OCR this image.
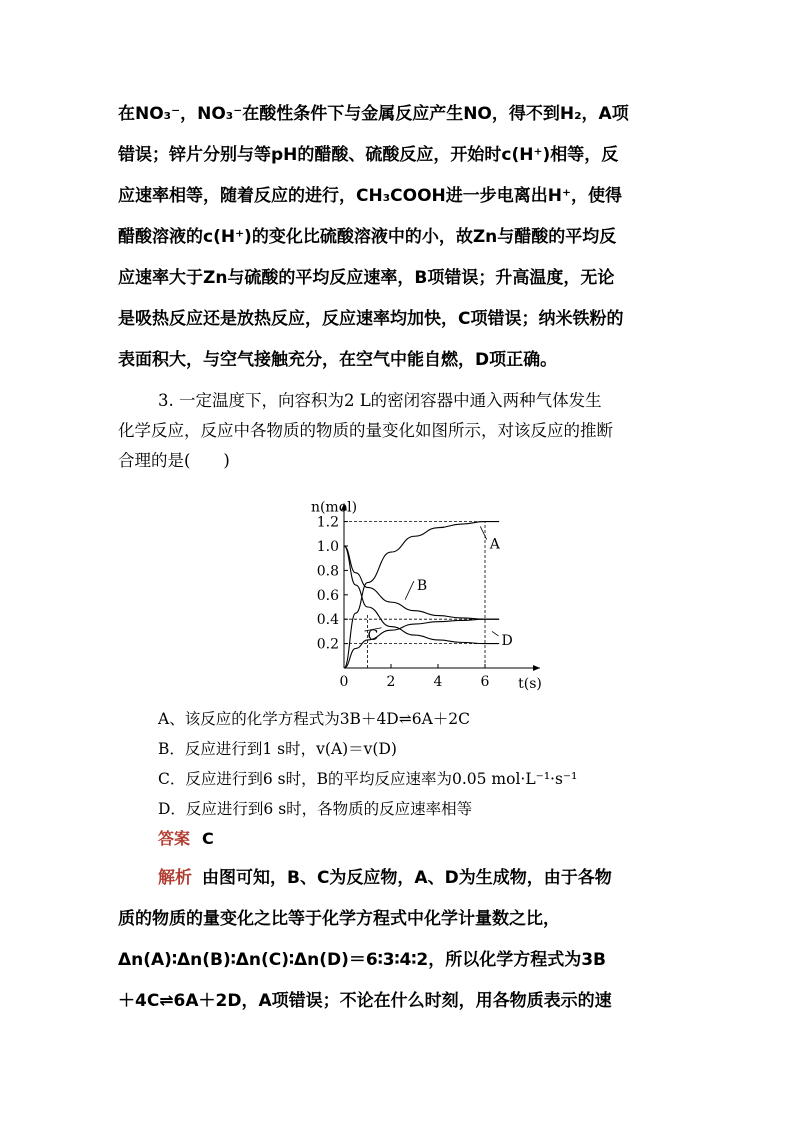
在NO₃⁻，NO₃⁻在酸性条件下与金属反应产生NO，得不到H₂，A项
错误；锌片分别与等pH的醋酸、硫酸反应，开始时c(H⁺)相等，反
应速率相等，随着反应的进行，CH₃COOH进一步电离出H⁺，使得
醋酸溶液的c(H⁺)的变化比硫酸溶液中的小，故Zn与醋酸的平均反
应速率大于Zn与硫酸的平均反应速率，B项错误；升高温度，无论
是吸热反应还是放热反应，反应速率均加快，C项错误；纳米铁粉的
表面积大，与空气接触充分，在空气中能自燃，D项正确。
3. 一定温度下，向容积为2 L的密闭容器中通入两种气体发生
化学反应，反应中各物质的物质的量变化如图所示，对该反应的推断
合理的是(　　)
0	2	4	6
0.2
0.4
0.6
0.8
1.0
1.2
n(mol)
t(s)
A
B
C	D
A、该反应的化学方程式为3B＋4D⇌6A＋2C
B．反应进行到1 s时，v(A)＝v(D)
C．反应进行到6 s时，B的平均反应速率为0.05 mol·L⁻¹·s⁻¹
D．反应进行到6 s时，各物质的反应速率相等
答案 C
解析 由图可知，B、C为反应物，A、D为生成物，由于各物
质的物质的量变化之比等于化学方程式中化学计量数之比，
Δn(A)∶Δn(B)∶Δn(C)∶Δn(D)＝6∶3∶4∶2，所以化学方程式为3B
＋4C⇌6A＋2D，A项错误；不论在什么时刻，用各物质表示的速
